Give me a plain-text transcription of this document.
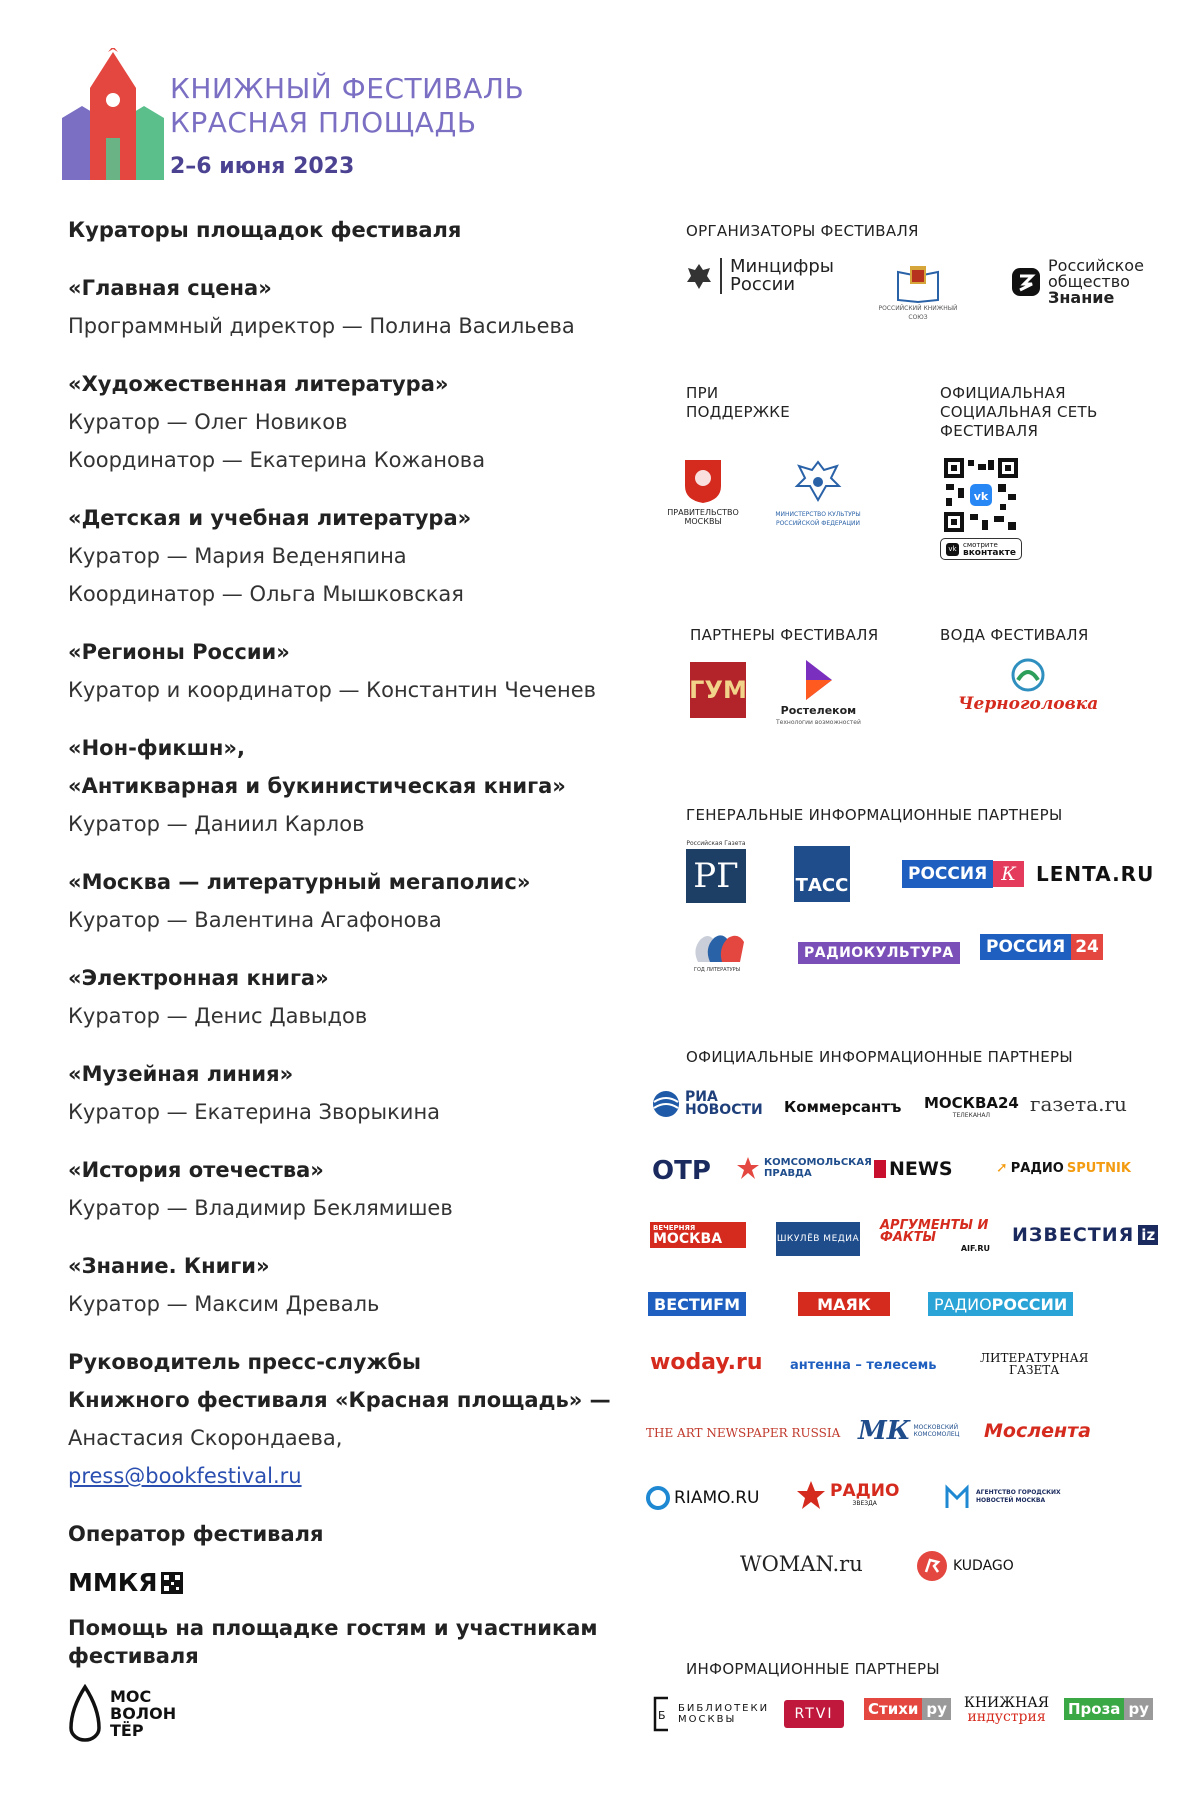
КНИЖНЫЙ ФЕСТИВАЛЬ
КРАСНАЯ ПЛОЩАДЬ
2–6 июня 2023
Кураторы площадок фестиваля
«Главная сцена»
Программный директор — Полина Васильева
«Художественная литература»
Куратор — Олег Новиков
Координатор — Екатерина Кожанова
«Детская и учебная литература»
Куратор — Мария Веденяпина
Координатор — Ольга Мышковская
«Регионы России»
Куратор и координатор — Константин Чеченев
«Нон-фикшн»,
«Антикварная и букинистическая книга»
Куратор — Даниил Карлов
«Москва — литературный мегаполис»
Куратор — Валентина Агафонова
«Электронная книга»
Куратор — Денис Давыдов
«Музейная линия»
Куратор — Екатерина Зворыкина
«История отечества»
Куратор — Владимир Беклямишев
«Знание. Книги»
Куратор — Максим Древаль
Руководитель пресс-службы
Книжного фестиваля «Красная площадь» —
Анастасия Скорондаева,
press@bookfestival.ru
Оператор фестиваля
ММКЯ
Помощь на площадке гостям и участникам
фестиваля
МОС
ВОЛОН
ТЁР
ОРГАНИЗАТОРЫ ФЕСТИВАЛЯ
Минцифры
России
РОССИЙСКИЙ КНИЖНЫЙ СОЮЗ
Российское
общество
Знание
ПРИ
ПОДДЕРЖКЕ
ОФИЦИАЛЬНАЯ
СОЦИАЛЬНАЯ СЕТЬ
ФЕСТИВАЛЯ
ПРАВИТЕЛЬСТВО МОСКВЫ
МИНИСТЕРСТВО КУЛЬТУРЫ РОССИЙСКОЙ ФЕДЕРАЦИИ
vk
vk смотрите
вконтакте
ПАРТНЕРЫ ФЕСТИВАЛЯ	ВОДА ФЕСТИВАЛЯ
ГУМ
Ростелеком
Технологии возможностей
Черноголовка
ГЕНЕРАЛЬНЫЕ ИНФОРМАЦИОННЫЕ ПАРТНЕРЫ
Российская Газета
РГ	ТАСС
РОССИЯ К	LENTA.RU
ГОД ЛИТЕРАТУРЫ
РАДИОКУЛЬТУРА	РОССИЯ 24
ОФИЦИАЛЬНЫЕ ИНФОРМАЦИОННЫЕ ПАРТНЕРЫ
РИА
НОВОСТИ Коммерсантъ МОСКВА24
ТЕЛЕКАНАЛ газета.ru
ОТР	КОМСОМОЛЬСКАЯ ПРАВДА	NEWS	➚ РАДИО SPUTNIK
ВЕЧЕРНЯЯ
МОСКВА	ШКУЛЁВ МЕДИА
АРГУМЕНТЫ И ФАКТЫ
AIF.RU
ИЗВЕСТИЯ iz
ВЕСТИ FM	МАЯК	РАДИО РОССИИ
woday.ru антенна – телесемь	ЛИТЕРАТУРНАЯ
ГАЗЕТА
THE ART NEWSPAPER RUSSIA МК МОСКОВСКИЙ КОМСОМОЛЕЦ	Мослента
RIAMO.RU	РАДИО
ЗВЕЗДА
АГЕНТСТВО ГОРОДСКИХ НОВОСТЕЙ МОСКВА
WOMAN.ru	KUDAGO
ИНФОРМАЦИОННЫЕ ПАРТНЕРЫ
Б
БИБЛИОТЕКИ
МОСКВЫ	RTVI	Стихи ру КНИЖНАЯ
индустрия Проза ру
